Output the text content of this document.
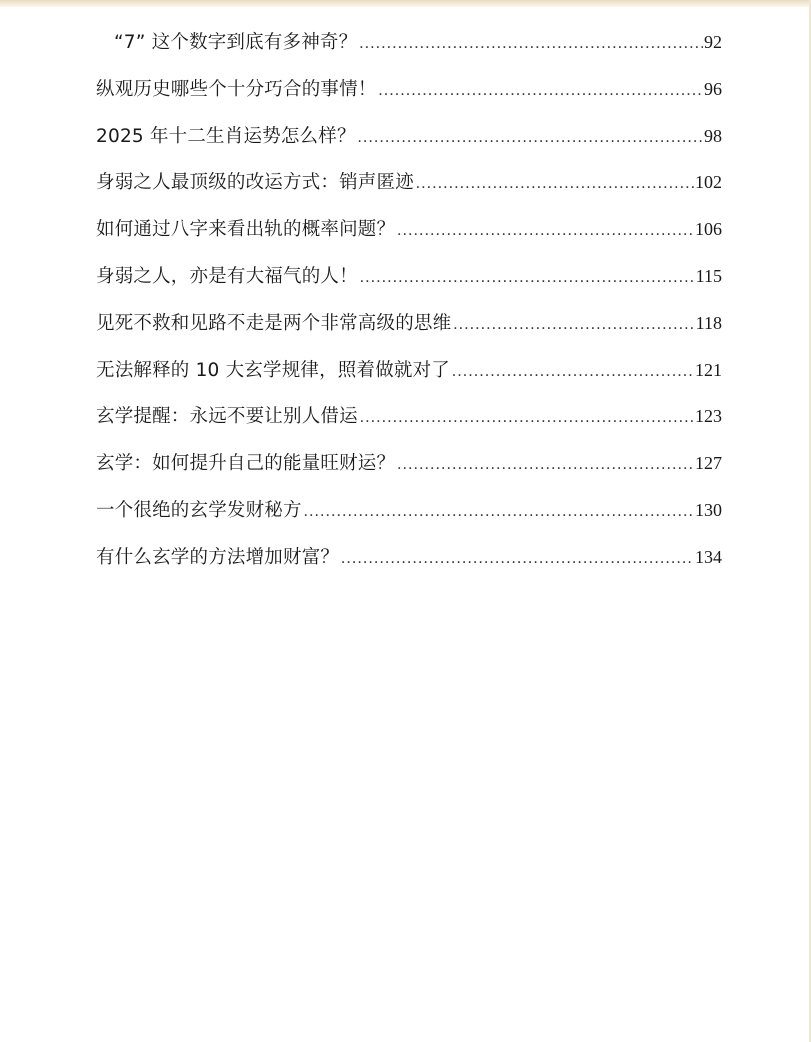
“7” 这个数字到底有多神奇？ .....	92
纵观历史哪些个十分巧合的事情！ .....	96
2025 年十二生肖运势怎么样？ .....	98
身弱之人最顶级的改运方式：销声匿迹 .....	102
如何通过八字来看出轨的概率问题？ .....	106
身弱之人，亦是有大福气的人！ .....	115
见死不救和见路不走是两个非常高级的思维 .....	118
无法解释的 10 大玄学规律，照着做就对了 .....	121
玄学提醒：永远不要让别人借运 .....	123
玄学：如何提升自己的能量旺财运？ .....	127
一个很绝的玄学发财秘方 .....	130
有什么玄学的方法增加财富？ .....	134
